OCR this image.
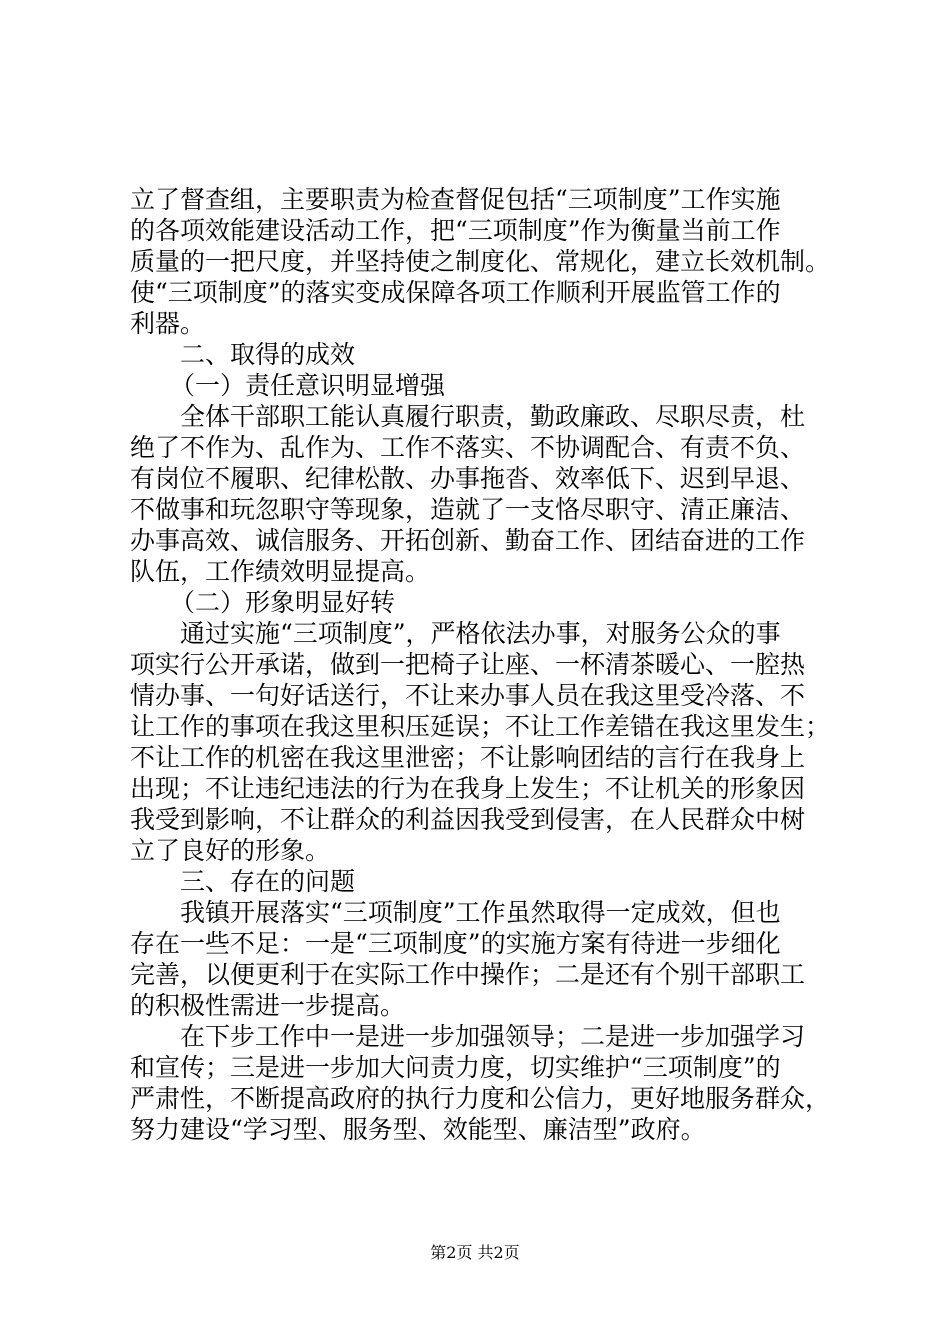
立了督查组，主要职责为检查督促包括“三项制度”工作实施
的各项效能建设活动工作，把“三项制度”作为衡量当前工作
质量的一把尺度，并坚持使之制度化、常规化，建立长效机制。
使“三项制度”的落实变成保障各项工作顺利开展监管工作的
利器。
二、取得的成效
（一）责任意识明显增强
全体干部职工能认真履行职责，勤政廉政、尽职尽责，杜
绝了不作为、乱作为、工作不落实、不协调配合、有责不负、
有岗位不履职、纪律松散、办事拖沓、效率低下、迟到早退、
不做事和玩忽职守等现象，造就了一支恪尽职守、清正廉洁、
办事高效、诚信服务、开拓创新、勤奋工作、团结奋进的工作
队伍，工作绩效明显提高。
（二）形象明显好转
通过实施“三项制度”，严格依法办事，对服务公众的事
项实行公开承诺，做到一把椅子让座、一杯清茶暖心、一腔热
情办事、一句好话送行，不让来办事人员在我这里受冷落、不
让工作的事项在我这里积压延误；不让工作差错在我这里发生；
不让工作的机密在我这里泄密；不让影响团结的言行在我身上
出现；不让违纪违法的行为在我身上发生；不让机关的形象因
我受到影响，不让群众的利益因我受到侵害，在人民群众中树
立了良好的形象。
三、存在的问题
我镇开展落实“三项制度”工作虽然取得一定成效，但也
存在一些不足：一是“三项制度”的实施方案有待进一步细化
完善，以便更利于在实际工作中操作；二是还有个别干部职工
的积极性需进一步提高。
在下步工作中一是进一步加强领导；二是进一步加强学习
和宣传；三是进一步加大问责力度，切实维护“三项制度”的
严肃性，不断提高政府的执行力度和公信力，更好地服务群众，
努力建设“学习型、服务型、效能型、廉洁型”政府。
第2页 共2页
